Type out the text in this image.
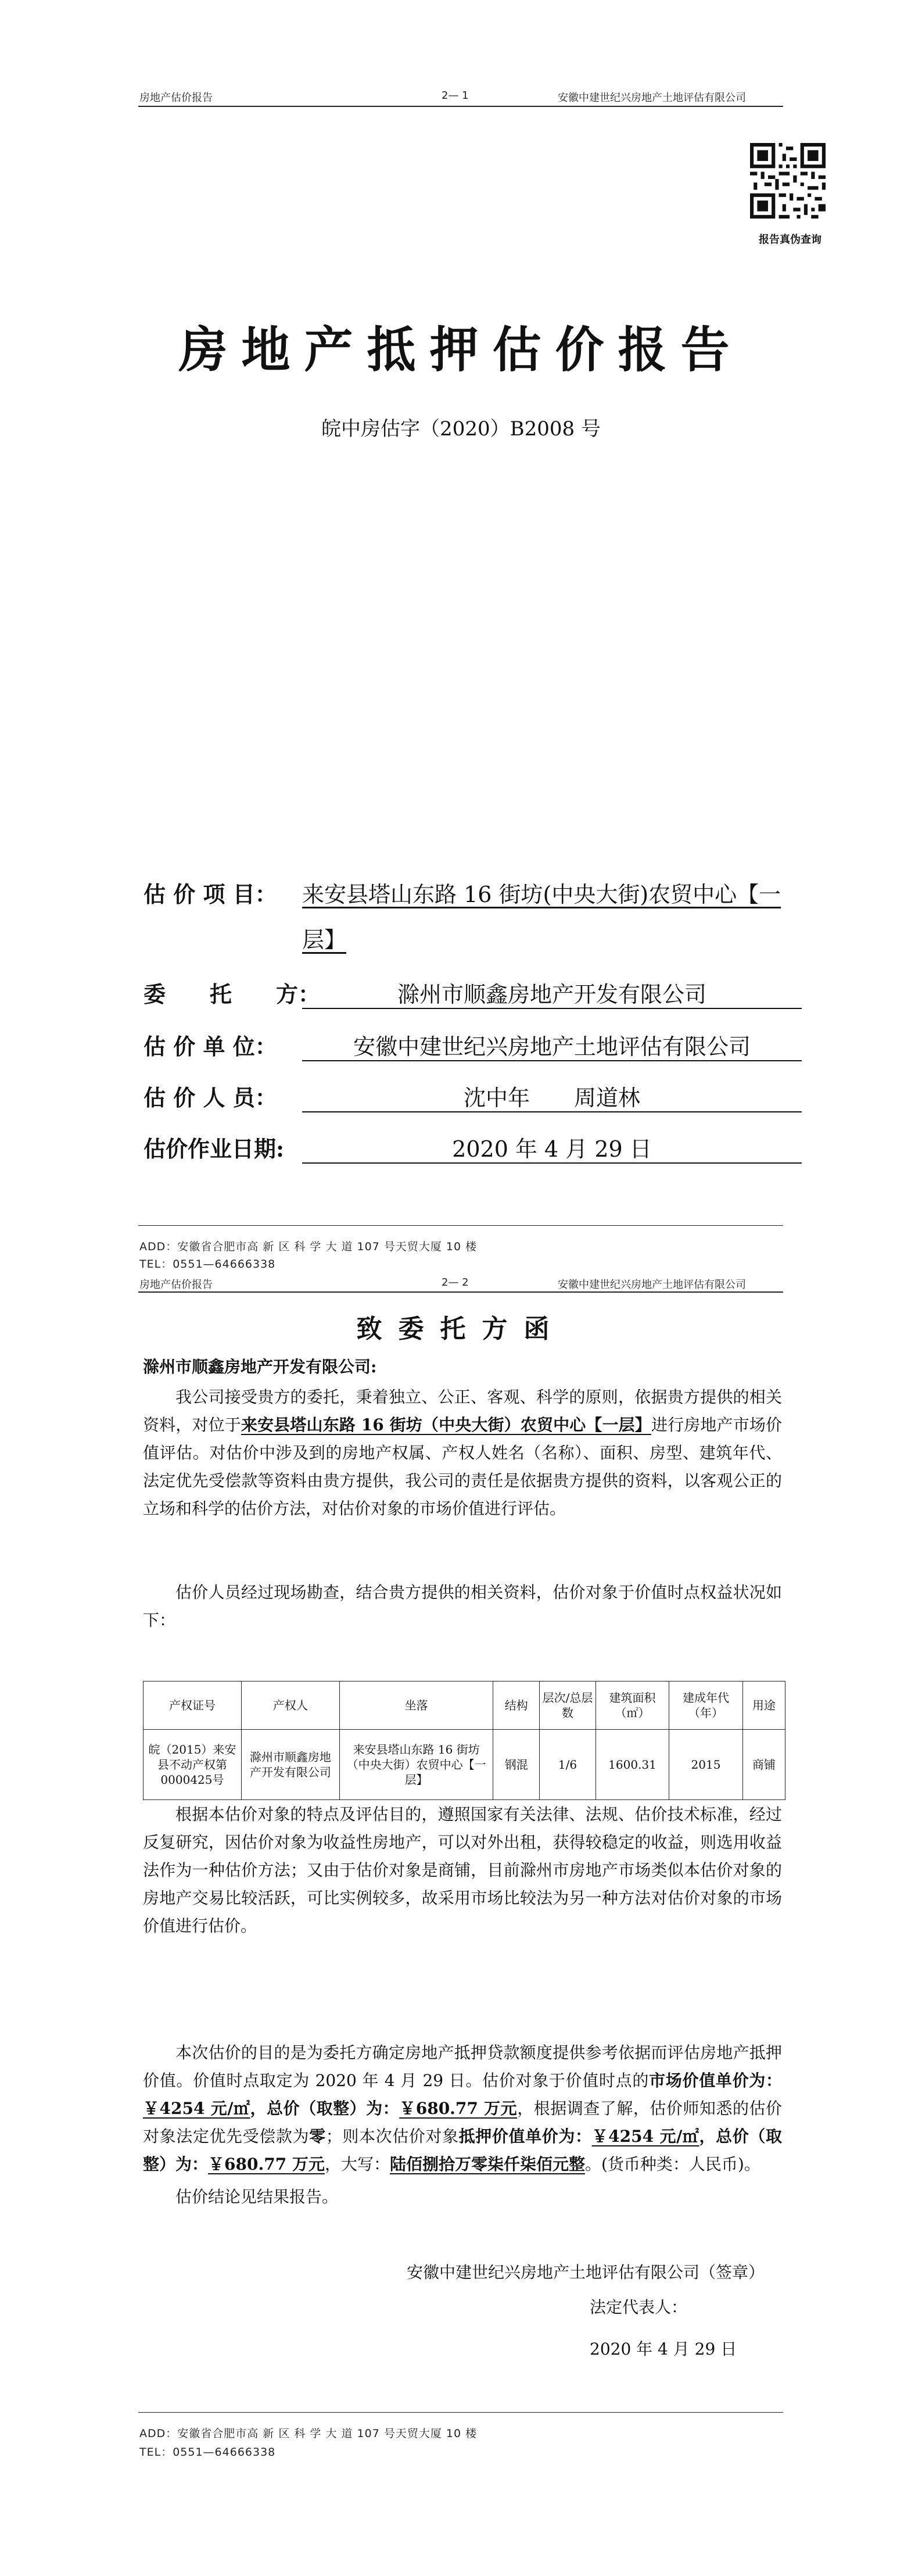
房地产估价报告	2— 1	安徽中建世纪兴房地产土地评估有限公司
报告真伪查询
房地产抵押估价报告
皖中房估字（2020）B2008 号
估 价 项 目： 来安县塔山东路 16 街坊(中央大街)农贸中心【一
层】
委　　托　　方：	滁州市顺鑫房地产开发有限公司
估 价 单 位：	安徽中建世纪兴房地产土地评估有限公司
估 价 人 员：	沈中年　　周道林
估价作业日期:	2020 年 4 月 29 日
ADD：安徽省合肥市高 新 区 科 学 大 道 107 号天贸大厦 10 楼
TEL：0551—64666338
房地产估价报告	2— 2	安徽中建世纪兴房地产土地评估有限公司
致委托方函
滁州市顺鑫房地产开发有限公司:
我公司接受贵方的委托，秉着独立、公正、客观、科学的原则，依据贵方提供的相关资料，对位于来安县塔山东路 16 街坊（中央大街）农贸中心【一层】进行房地产市场价值评估。对估价中涉及到的房地产权属、产权人姓名（名称）、面积、房型、建筑年代、法定优先受偿款等资料由贵方提供，我公司的责任是依据贵方提供的资料，以客观公正的立场和科学的估价方法，对估价对象的市场价值进行评估。
估价人员经过现场勘查，结合贵方提供的相关资料，估价对象于价值时点权益状况如下：
产权证号	产权人	坐落	结构	层次/总层数	建筑面积（㎡）	建成年代（年）	用途
皖（2015）来安县不动产权第0000425号	滁州市顺鑫房地产开发有限公司	来安县塔山东路 16 街坊（中央大街）农贸中心【一层】	钢混	1/6	1600.31	2015	商铺
根据本估价对象的特点及评估目的，遵照国家有关法律、法规、估价技术标准，经过反复研究，因估价对象为收益性房地产，可以对外出租，获得较稳定的收益，则选用收益法作为一种估价方法；又由于估价对象是商铺，目前滁州市房地产市场类似本估价对象的房地产交易比较活跃，可比实例较多，故采用市场比较法为另一种方法对估价对象的市场价值进行估价。
本次估价的目的是为委托方确定房地产抵押贷款额度提供参考依据而评估房地产抵押价值。价值时点取定为 2020 年 4 月 29 日。估价对象于价值时点的市场价值单价为：￥4254 元/㎡，总价（取整）为：￥680.77 万元，根据调查了解，估价师知悉的估价对象法定优先受偿款为零；则本次估价对象抵押价值单价为：￥4254 元/㎡，总价（取整）为：￥680.77 万元，大写：陆佰捌拾万零柒仟柒佰元整。(货币种类：人民币)。
估价结论见结果报告。
安徽中建世纪兴房地产土地评估有限公司（签章）
法定代表人：
2020 年 4 月 29 日
ADD：安徽省合肥市高 新 区 科 学 大 道 107 号天贸大厦 10 楼
TEL：0551—64666338
